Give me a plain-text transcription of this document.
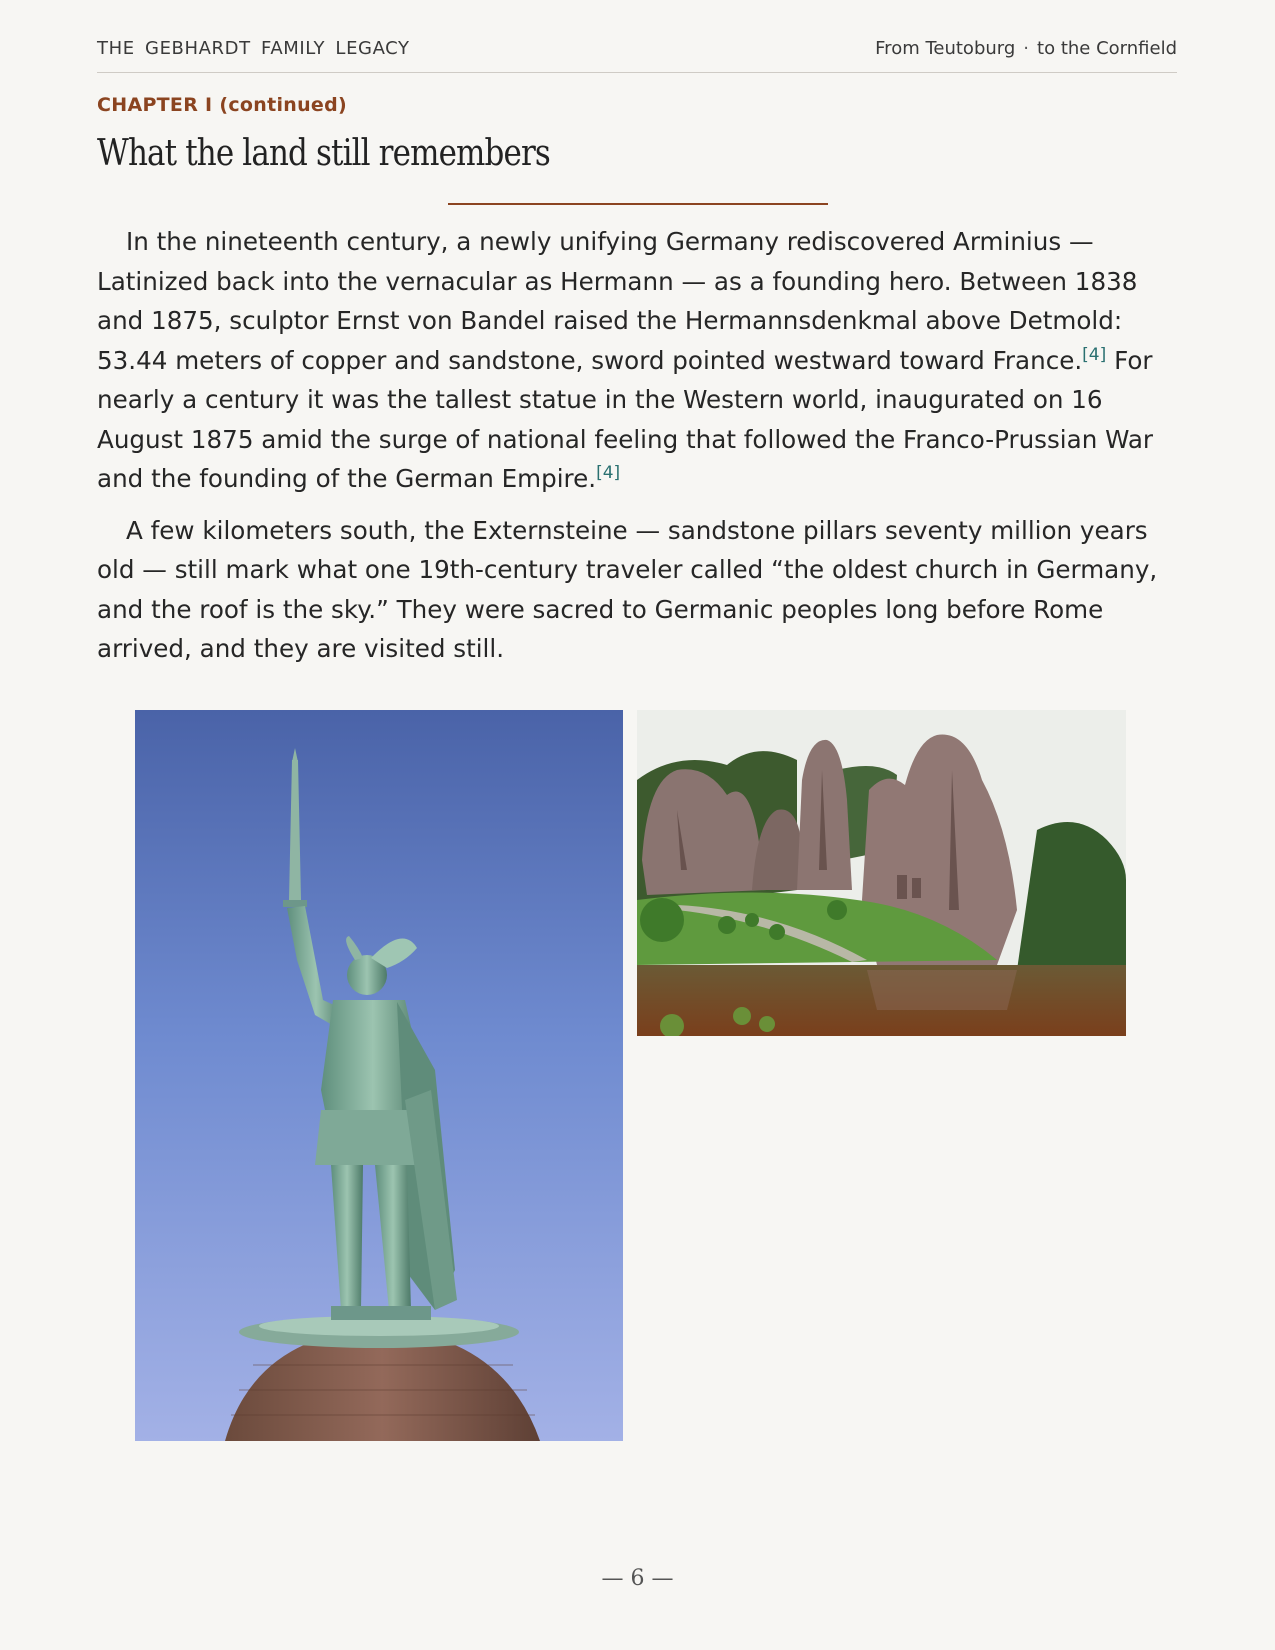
THE GEBHARDT FAMILY LEGACY	From Teutoburg · to the Cornfield
CHAPTER I (continued)
What the land still remembers

In the nineteenth century, a newly unifying Germany rediscovered Arminius — Latinized back into the vernacular as Hermann — as a founding hero. Between 1838 and 1875, sculptor Ernst von Bandel raised the Hermannsdenkmal above Detmold: 53.44 meters of copper and sandstone, sword pointed westward toward France.[4] For nearly a century it was the tallest statue in the Western world, inaugurated on 16 August 1875 amid the surge of national feeling that followed the Franco-Prussian War and the founding of the German Empire.[4]

A few kilometers south, the Externsteine — sandstone pillars seventy million years old — still mark what one 19th-century traveler called “the oldest church in Germany, and the roof is the sky.” They were sacred to Germanic peoples long before Rome arrived, and they are visited still.

— 6 —
